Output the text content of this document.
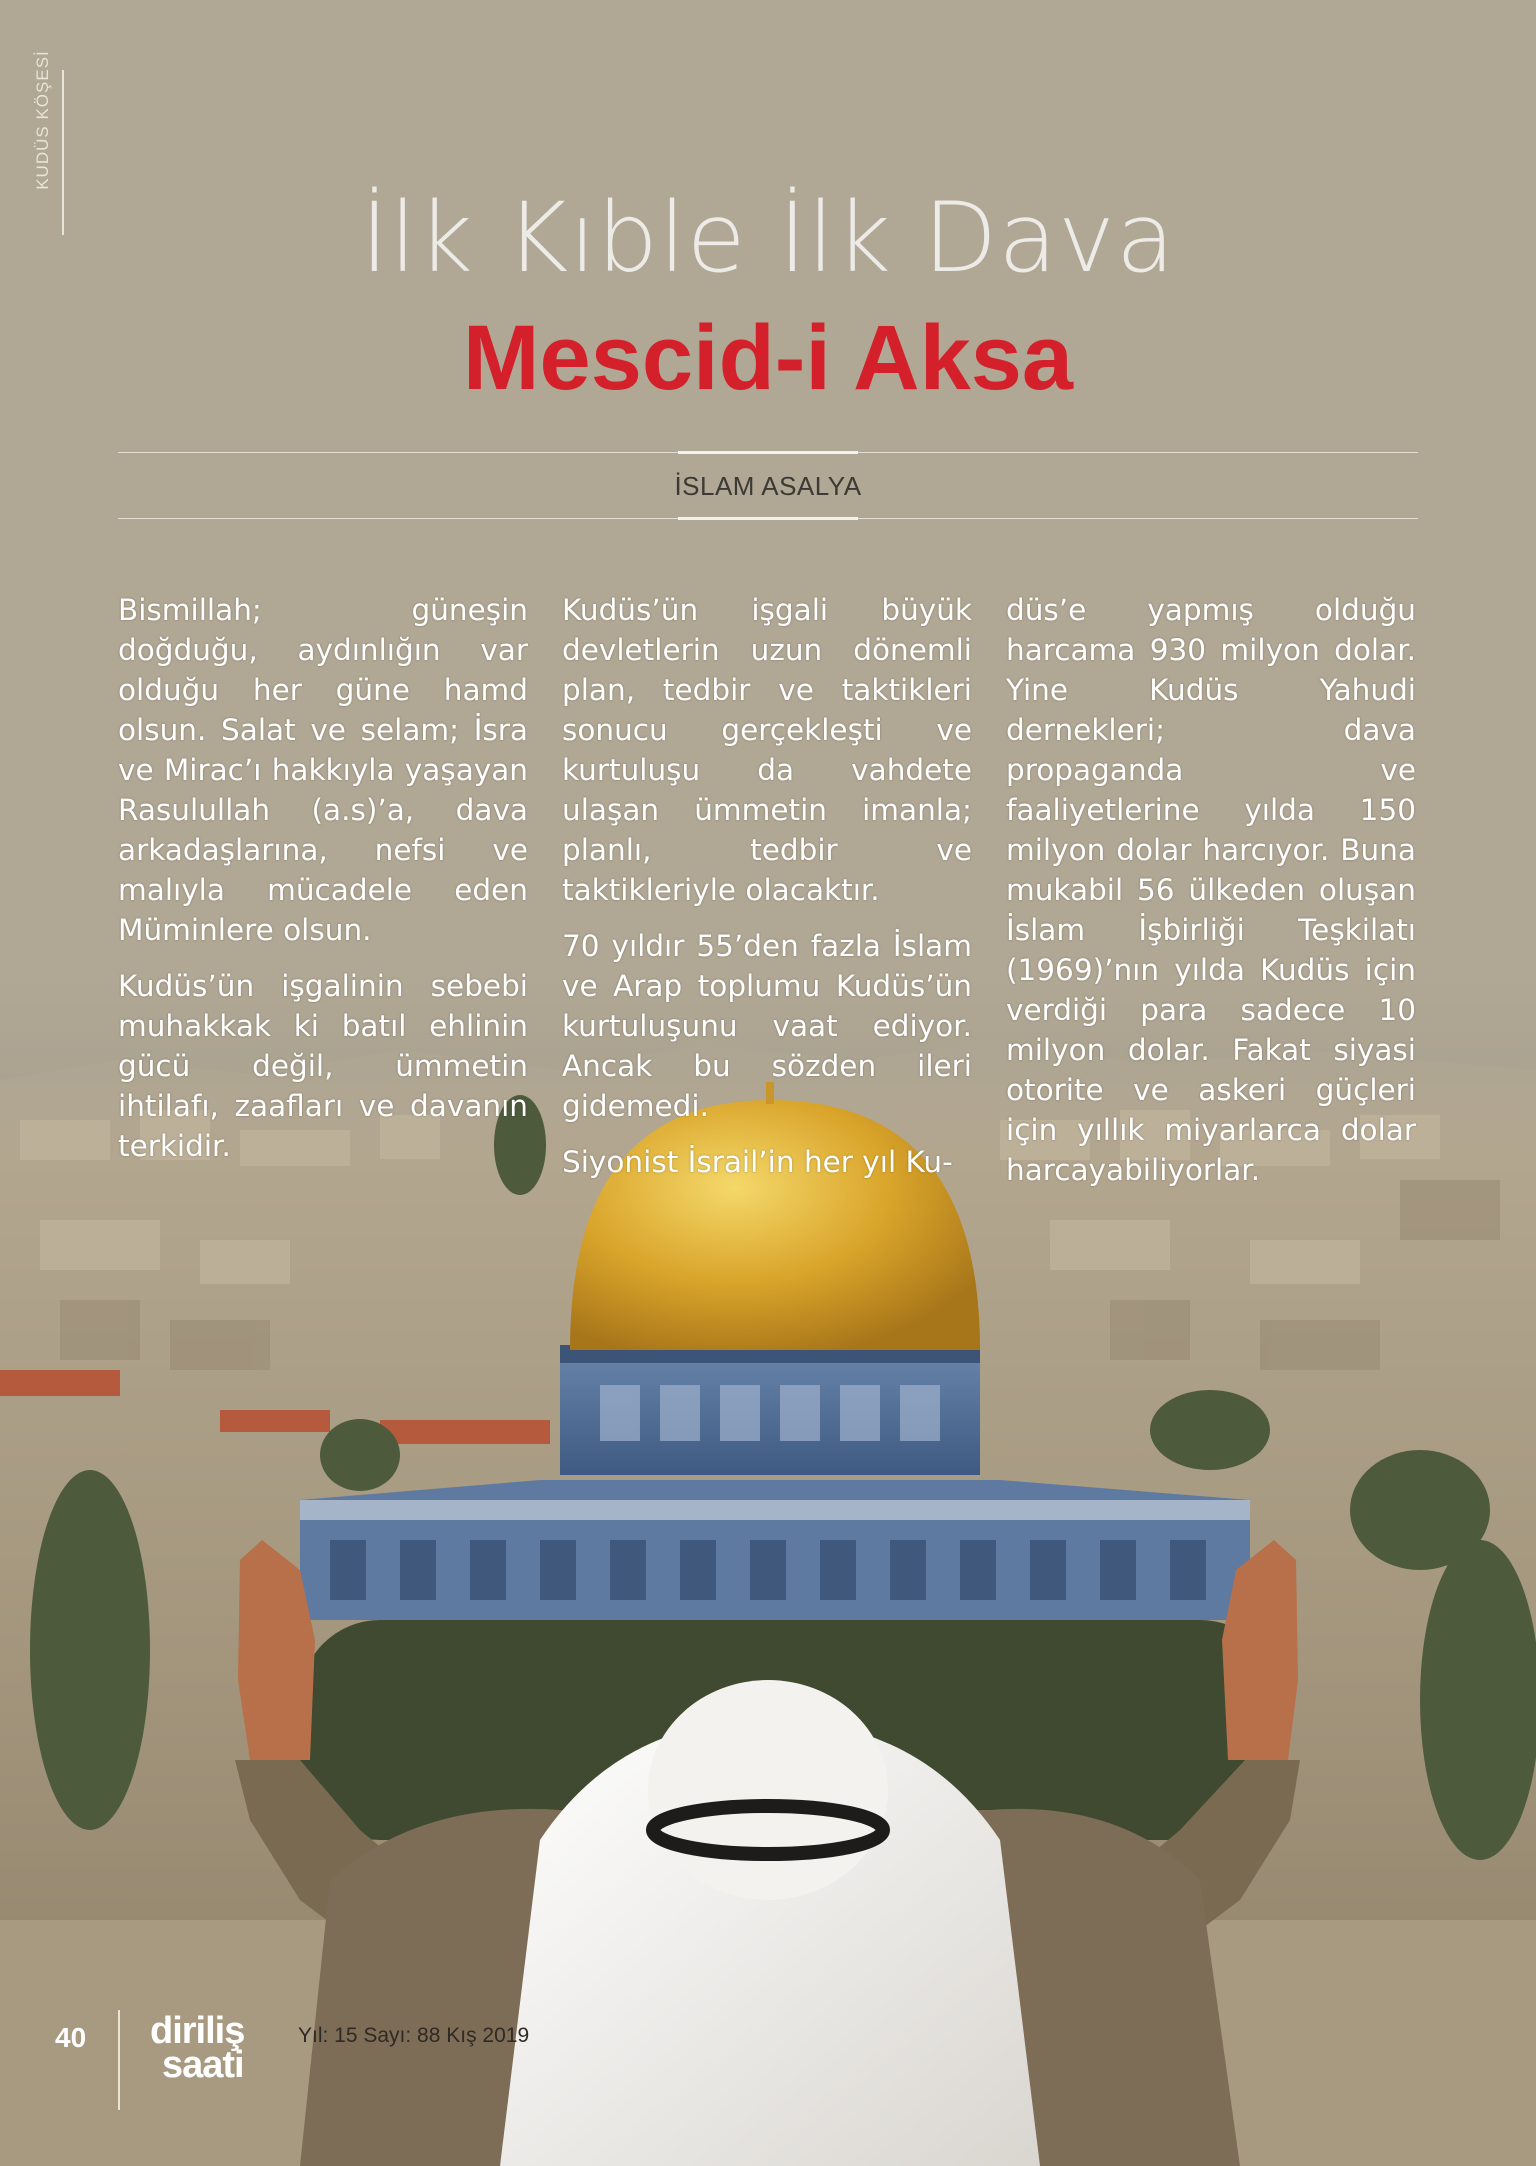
KUDÜS KÖŞESİ
İlk Kıble İlk Dava
Mescid-i Aksa
İSLAM ASALYA

Bismillah; güneşin doğduğu, aydınlığın var olduğu her güne hamd olsun. Salat ve selam; İsra ve Mirac’ı hakkıyla yaşayan Rasulullah (a.s)’a, dava arkadaşlarına, nefsi ve malıyla mücadele eden Müminlere olsun.

Kudüs’ün işgalinin sebebi muhakkak ki batıl ehlinin gücü değil, ümmetin ihtilafı, zaafları ve davanın terkidir.

Kudüs’ün işgali büyük devletlerin uzun dönemli plan, tedbir ve taktikleri sonucu gerçekleşti ve kurtuluşu da vahdete ulaşan ümmetin imanla; planlı, tedbir ve taktikleriyle olacaktır.

70 yıldır 55’den fazla İslam ve Arap toplumu Kudüs’ün kurtuluşunu vaat ediyor. Ancak bu sözden ileri gidemedi.

Siyonist İsrail’in her yıl Ku-

düs’e yapmış olduğu harcama 930 milyon dolar. Yine Kudüs Yahudi dernekleri; dava propaganda ve faaliyetlerine yılda 150 milyon dolar harcıyor. Buna mukabil 56 ülkeden oluşan İslam İşbirliği Teşkilatı (1969)’nın yılda Kudüs için verdiği para sadece 10 milyon dolar. Fakat siyasi otorite ve askeri güçleri için yıllık miyarlarca dolar harcayabiliyorlar.

40 diriliş
saati
Yıl: 15 Sayı: 88 Kış 2019
